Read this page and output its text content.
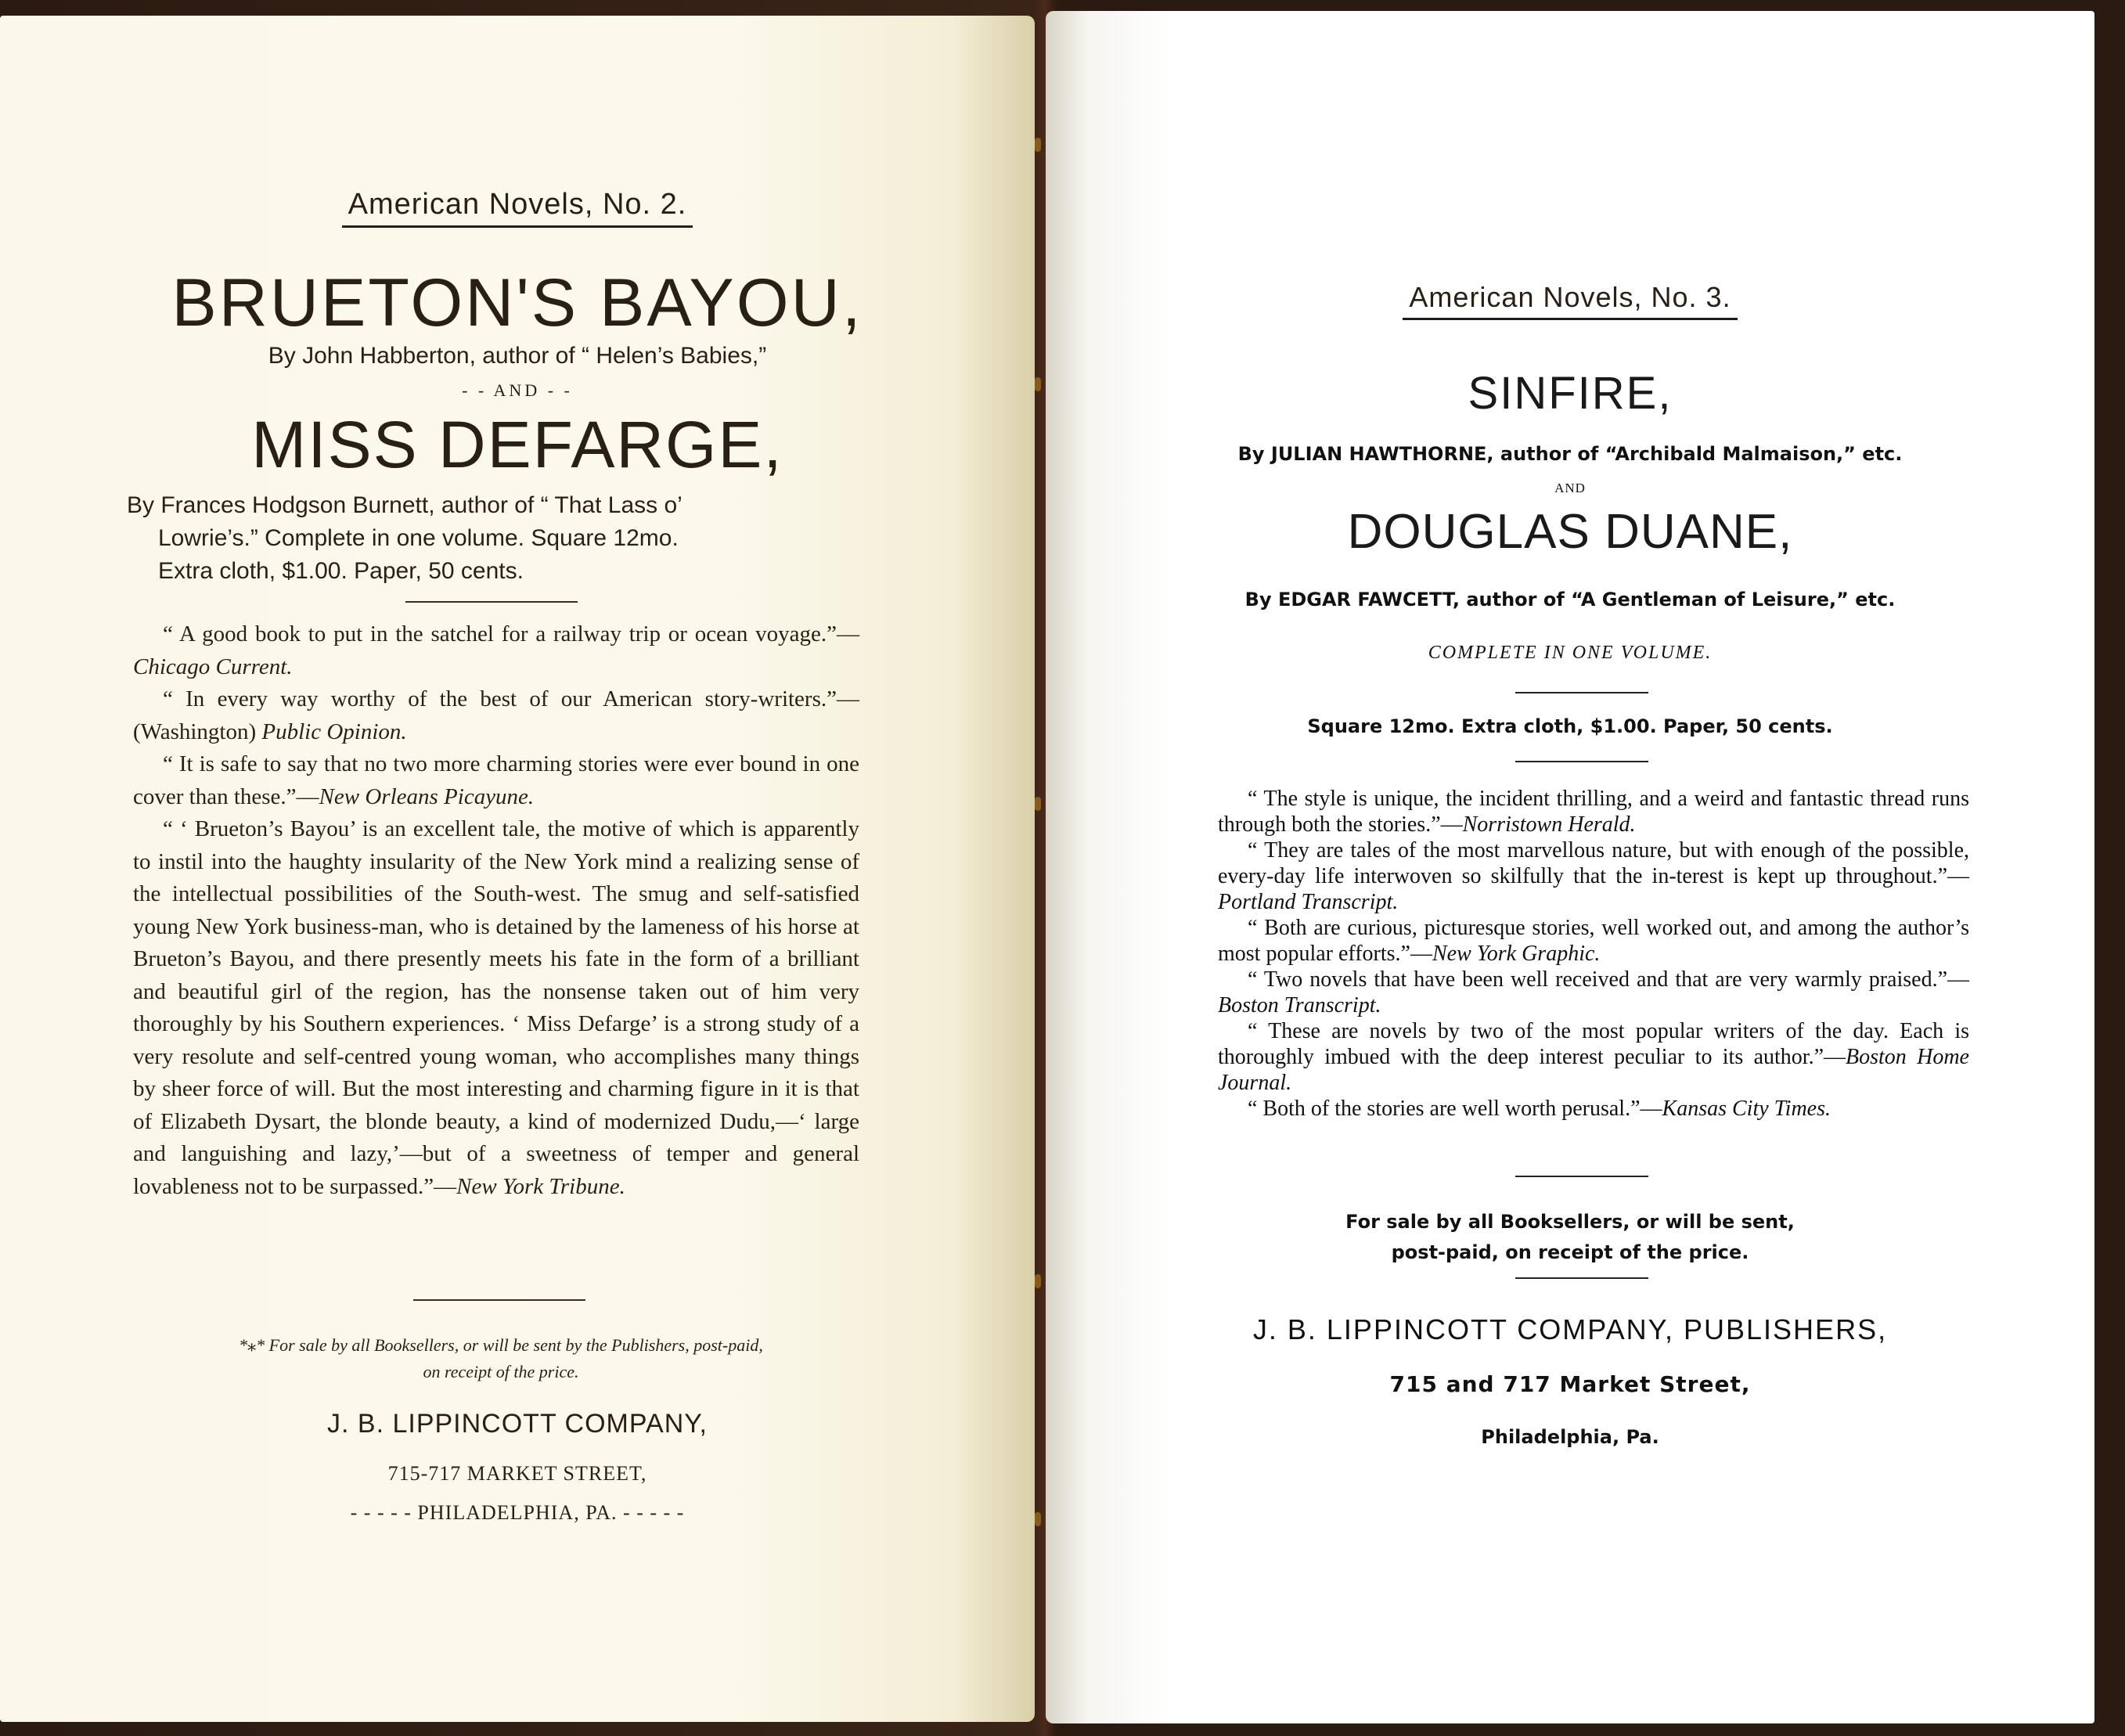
American Novels, No. 2.
BRUETON'S BAYOU,
By John Habberton, author of “ Helen’s Babies,”
- - AND - -
MISS DEFARGE,
By Frances Hodgson Burnett, author of “ That Lass o’

Lowrie’s.” Complete in one volume. Square 12mo.
Extra cloth, $1.00. Paper, 50 cents.

“ A good book to put in the satchel for a railway trip or ocean voyage.”—Chicago Current.

“ In every way worthy of the best of our American story-writers.”—(Washington) Public Opinion.

“ It is safe to say that no two more charming stories were ever bound in one cover than these.”—New Orleans Picayune.

“ ‘ Brueton’s Bayou’ is an excellent tale, the motive of which is apparently to instil into the haughty insularity of the New York mind a realizing sense of the intellectual possibilities of the South-west. The smug and self-satisfied young New York business-man, who is detained by the lameness of his horse at Brueton’s Bayou, and there presently meets his fate in the form of a brilliant and beautiful girl of the region, has the nonsense taken out of him very thoroughly by his Southern experiences. ‘ Miss Defarge’ is a strong study of a very resolute and self-centred young woman, who accomplishes many things by sheer force of will. But the most interesting and charming figure in it is that of Elizabeth Dysart, the blonde beauty, a kind of modernized Dudu,—‘ large and languishing and lazy,’—but of a sweetness of temper and general lovableness not to be surpassed.”—New York Tribune.

*⁎* For sale by all Booksellers, or will be sent by the Publishers, post-paid,
on receipt of the price.
J. B. LIPPINCOTT COMPANY,
715-717 MARKET STREET,
- - - - - PHILADELPHIA, PA. - - - - -
American Novels, No. 3.
SINFIRE,
By JULIAN HAWTHORNE, author of “Archibald Malmaison,” etc.
AND
DOUGLAS DUANE,
By EDGAR FAWCETT, author of “A Gentleman of Leisure,” etc.
COMPLETE IN ONE VOLUME.
Square 12mo. Extra cloth, $1.00. Paper, 50 cents.

“ The style is unique, the incident thrilling, and a weird and fantastic thread runs through both the stories.”—Norristown Herald.

“ They are tales of the most marvellous nature, but with enough of the possible, every-day life interwoven so skilfully that the in-terest is kept up throughout.”—Portland Transcript.

“ Both are curious, picturesque stories, well worked out, and among the author’s most popular efforts.”—New York Graphic.

“ Two novels that have been well received and that are very warmly praised.”—Boston Transcript.

“ These are novels by two of the most popular writers of the day. Each is thoroughly imbued with the deep interest peculiar to its author.”—Boston Home Journal.

“ Both of the stories are well worth perusal.”—Kansas City Times.

For sale by all Booksellers, or will be sent,
post-paid, on receipt of the price.
J. B. LIPPINCOTT COMPANY, PUBLISHERS,
715 and 717 Market Street,
Philadelphia, Pa.
